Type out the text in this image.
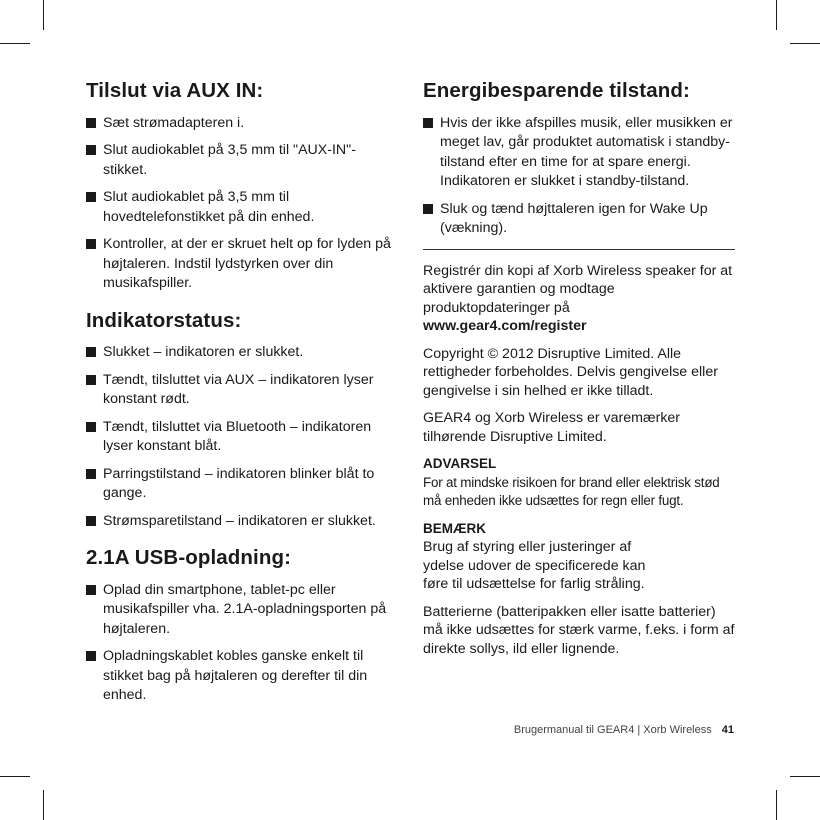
Tilslut via AUX IN:
Sæt strømadapteren i.
Slut audiokablet på 3,5 mm til "AUX-IN"-stikket.
Slut audiokablet på 3,5 mm til hovedtelefonstikket på din enhed.
Kontroller, at der er skruet helt op for lyden på højtaleren. Indstil lydstyrken over din musikafspiller.
Indikatorstatus:
Slukket – indikatoren er slukket.
Tændt, tilsluttet via AUX – indikatoren lyser konstant rødt.
Tændt, tilsluttet via Bluetooth – indikatoren lyser konstant blåt.
Parringstilstand – indikatoren blinker blåt to gange.
Strømsparetilstand – indikatoren er slukket.
2.1A USB-opladning:
Oplad din smartphone, tablet-pc eller musikafspiller vha. 2.1A-opladningsporten på højtaleren.
Opladningskablet kobles ganske enkelt til stikket bag på højtaleren og derefter til din enhed.
Energibesparende tilstand:
Hvis der ikke afspilles musik, eller musikken er meget lav, går produktet automatisk i standby-tilstand efter en time for at spare energi. Indikatoren er slukket i standby-tilstand.
Sluk og tænd højttaleren igen for Wake Up (vækning).

Registrér din kopi af Xorb Wireless speaker for at aktivere garantien og modtage produktopdateringer på
www.gear4.com/register

Copyright © 2012 Disruptive Limited. Alle rettigheder forbeholdes. Delvis gengivelse eller gengivelse i sin helhed er ikke tilladt.

GEAR4 og Xorb Wireless er varemærker tilhørende Disruptive Limited.

ADVARSEL
For at mindske risikoen for brand eller elektrisk stød må enheden ikke udsættes for regn eller fugt.

BEMÆRK
Brug af styring eller justeringer af ydelse udover de specificerede kan føre til udsættelse for farlig stråling.

Batterierne (batteripakken eller isatte batterier) må ikke udsættes for stærk varme, f.eks. i form af direkte sollys, ild eller lignende.

Brugermanual til GEAR4 | Xorb Wireless 41
